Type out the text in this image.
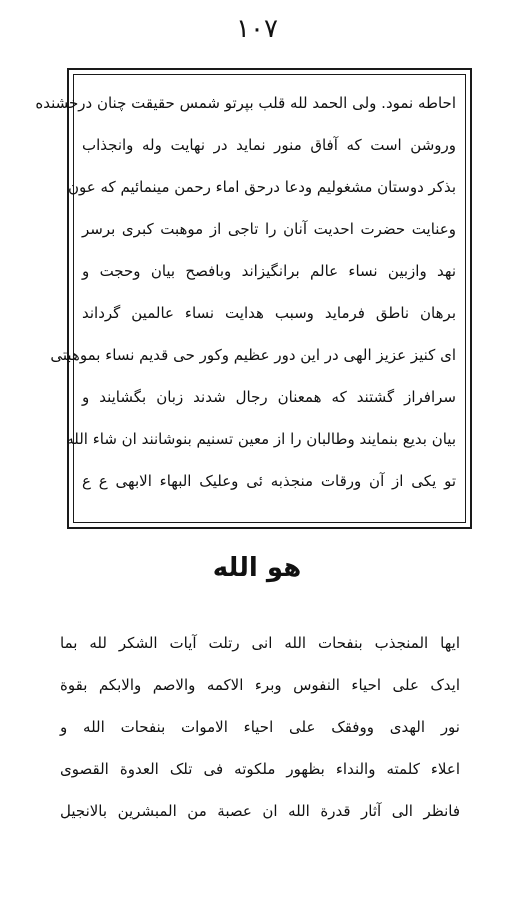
١٠٧
احاطه نمود. ولی الحمد لله قلب بپرتو شمس حقیقت چنان درخشنده
وروشن است که آفاق منور نماید در نهایت وله وانجذاب
بذکر دوستان مشغولیم ودعا درحق اماء رحمن مینمائیم که عون
وعنایت حضرت احدیت آنان را تاجی از موهبت کبری برسر
نهد وازبین نساء عالم برانگیزاند وبافصح بیان وحجت و
برهان ناطق فرماید وسبب هدایت نساء عالمین گرداند
ای کنیز عزیز الهی در این دور عظیم وکور حی قدیم نساء بموهبتی
سرافراز گشتند که همعنان رجال شدند زبان بگشایند و
بیان بدیع بنمایند وطالبان را از معین تسنیم بنوشانند ان شاء الله
تو یکی از آن ورقات منجذبه ئی وعلیک البهاء الابهی ع ع
هو الله
ایها المنجذب بنفحات الله انی رتلت آیات الشکر لله بما
ایدک علی احیاء النفوس وبرء الاکمه والاصم والابکم بقوة
نور الهدی ووفقک علی احیاء الاموات بنفحات الله و
اعلاء کلمته والنداء بظهور ملکوته فی تلک العدوة القصوی
فانظر الی آثار قدرة الله ان عصبة من المبشرین بالانجیل
